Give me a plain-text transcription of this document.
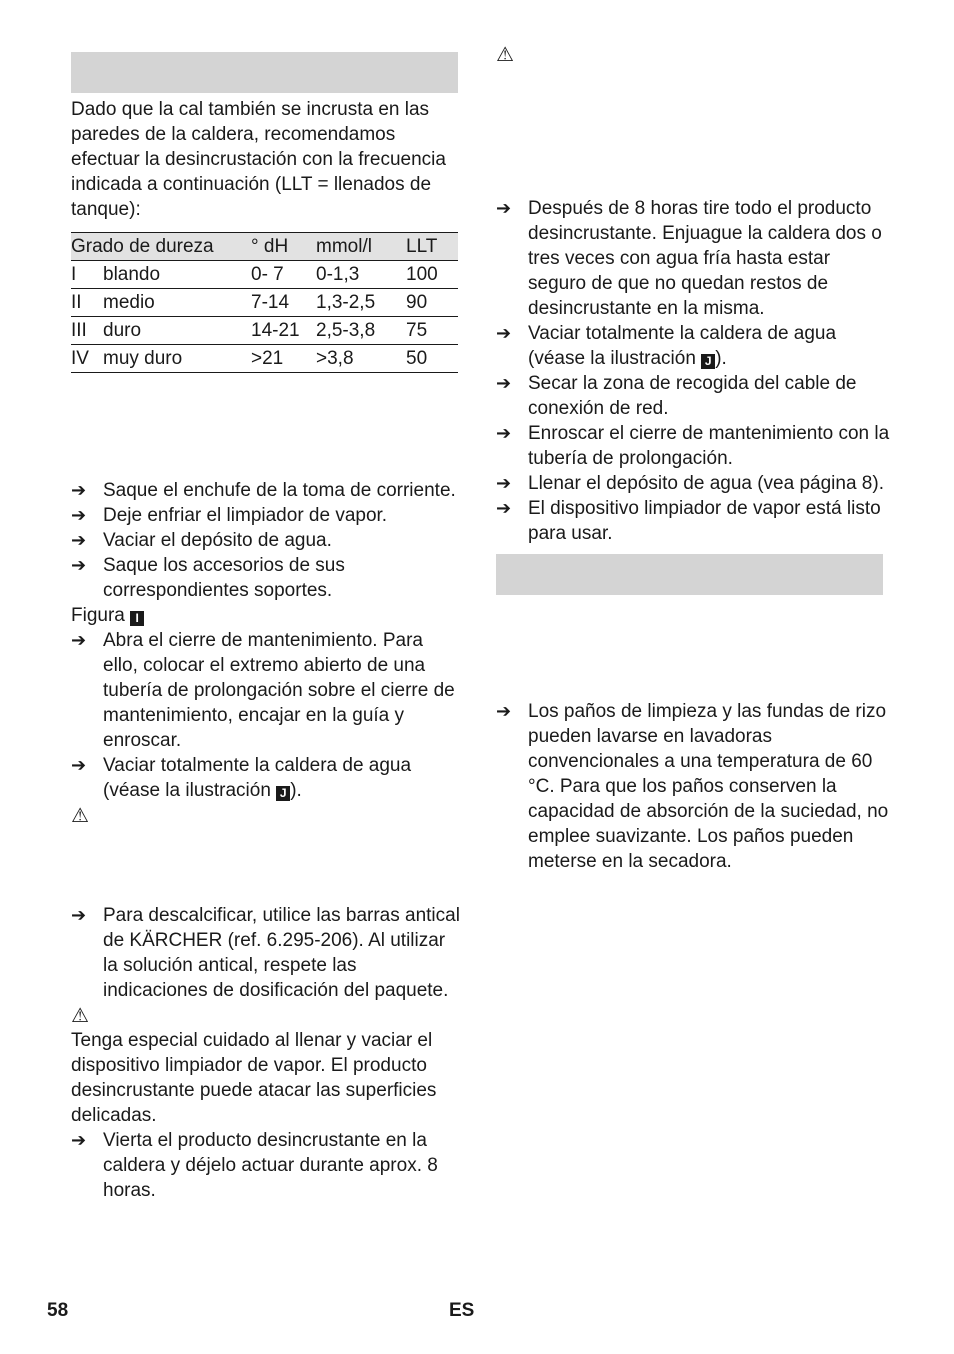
Dado que la cal también se incrusta en las paredes de la caldera, recomendamos efectuar la desincrustación con la frecuencia indicada a continuación (LLT = llenados de tanque):

Grado de dureza		° dH	mmol/l	LLT
I	blando	0- 7	0-1,3	100
II	medio	7-14	1,3-2,5	90
III	duro	14-21	2,5-3,8	75
IV	muy duro	>21	>3,8	50

➔ Saque el enchufe de la toma de corriente.

➔ Deje enfriar el limpiador de vapor.

➔ Vaciar el depósito de agua.

➔ Saque los accesorios de sus correspondientes soportes.

Figura I

➔ Abra el cierre de mantenimiento. Para ello, colocar el extremo abierto de una tubería de prolongación sobre el cierre de mantenimiento, encajar en la guía y enroscar.

➔ Vaciar totalmente la caldera de agua (véase la ilustración J ).

⚠

➔ Para descalcificar, utilice las barras antical de KÄRCHER (ref. 6.295-206). Al utilizar la solución antical, respete las indicaciones de dosificación del paquete.

⚠

Tenga especial cuidado al llenar y vaciar el dispositivo limpiador de vapor. El producto desincrustante puede atacar las superficies delicadas.

➔ Vierta el producto desincrustante en la caldera y déjelo actuar durante aprox. 8 horas.

⚠

➔ Después de 8 horas tire todo el producto desincrustante. Enjuague la caldera dos o tres veces con agua fría hasta estar seguro de que no quedan restos de desincrustante en la misma.

➔ Vaciar totalmente la caldera de agua (véase la ilustración J ).

➔ Secar la zona de recogida del cable de conexión de red.

➔ Enroscar el cierre de mantenimiento con la tubería de prolongación.

➔ Llenar el depósito de agua (vea página 8).

➔ El dispositivo limpiador de vapor está listo para usar.

➔ Los paños de limpieza y las fundas de rizo pueden lavarse en lavadoras convencionales a una temperatura de 60 °C. Para que los paños conserven la capacidad de absorción de la suciedad, no emplee suavizante. Los paños pueden meterse en la secadora.

58	ES
